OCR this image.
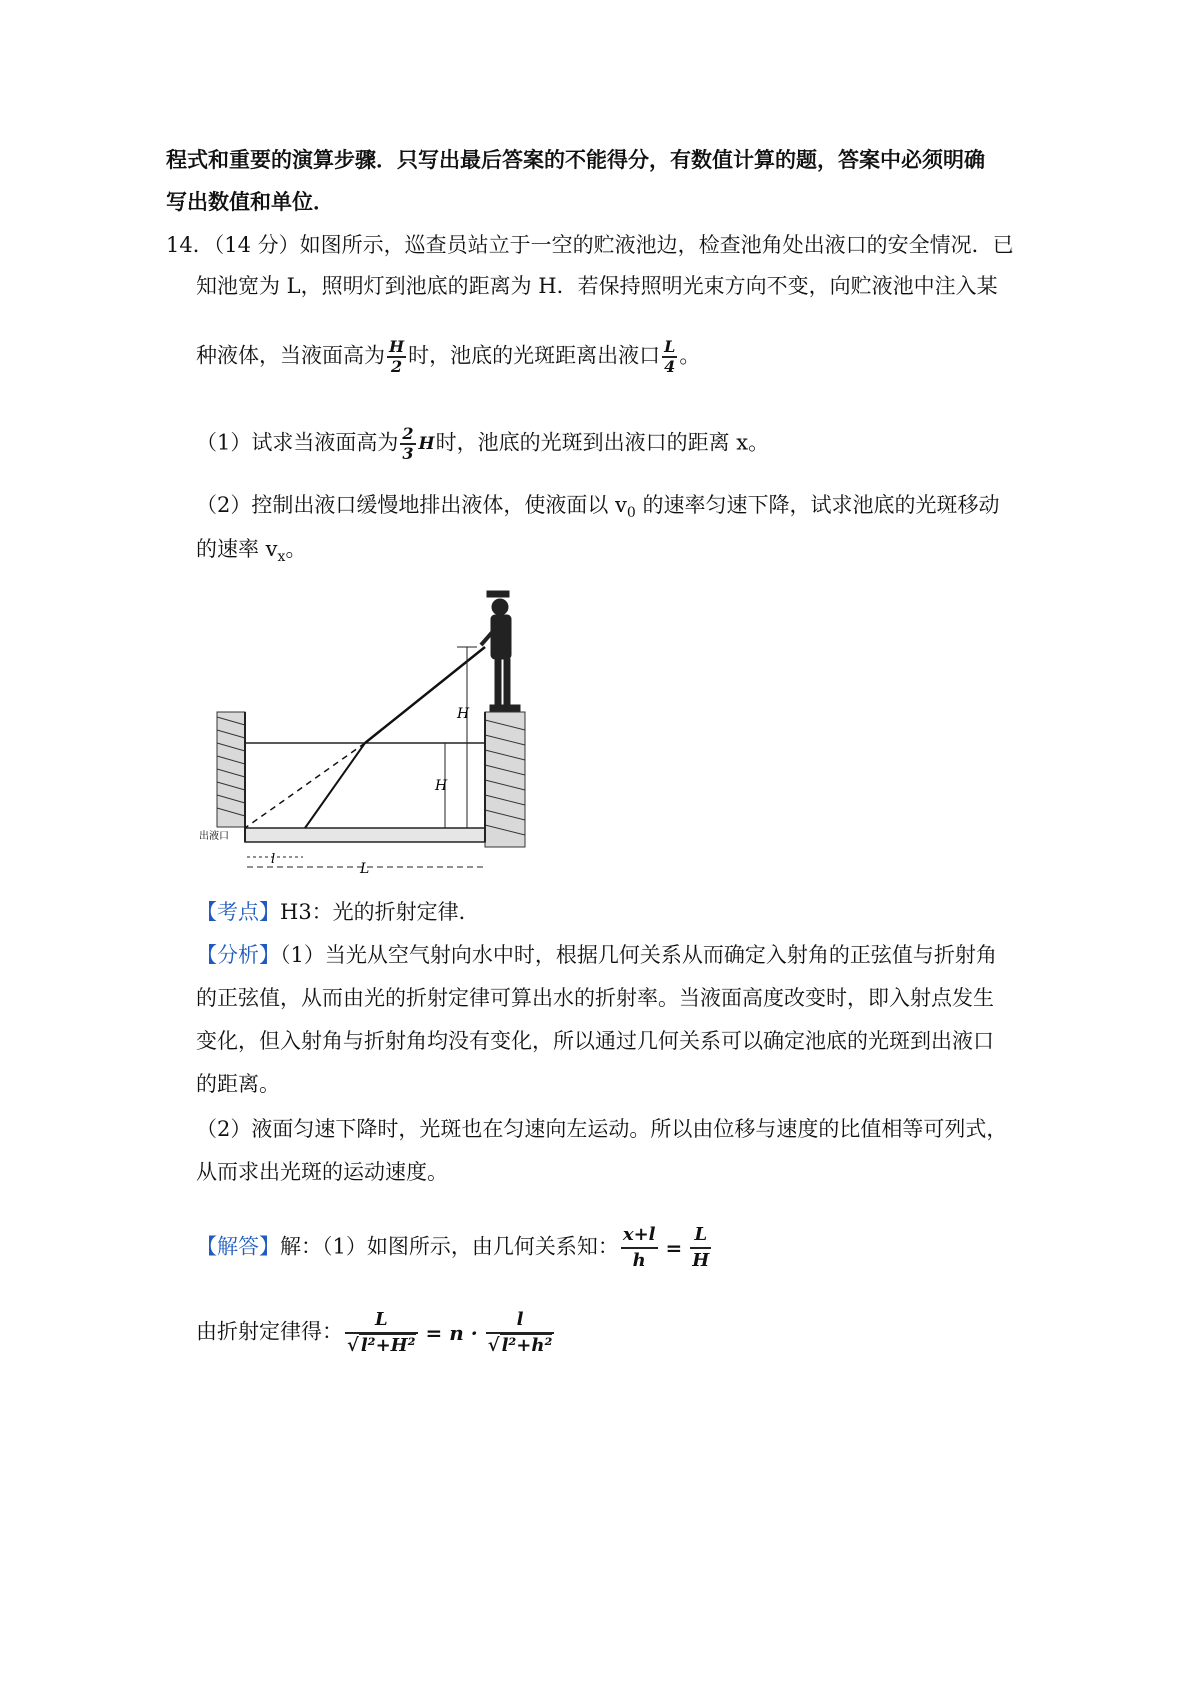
程式和重要的演算步骤．只写出最后答案的不能得分，有数值计算的题，答案中必须明确
写出数值和单位．
14．（14 分）如图所示，巡查员站立于一空的贮液池边，检查池角处出液口的安全情况．已
知池宽为 L，照明灯到池底的距离为 H．若保持照明光束方向不变，向贮液池中注入某
种液体，当液面高为 $\frac{H}{2}$ 时，池底的光斑距离出液口 $\frac{L}{4}$ 。
（1）试求当液面高为 $\frac{2}{3}$ H时，池底的光斑到出液口的距离 x。
（2）控制出液口缓慢地排出液体，使液面以 $v_0$ 的速率匀速下降，试求池底的光斑移动
的速率 $v_x$。
H
H
l
L
出液口
【考点】H3：光的折射定律．
【分析】（1）当光从空气射向水中时，根据几何关系从而确定入射角的正弦值与折射角
的正弦值，从而由光的折射定律可算出水的折射率。当液面高度改变时，即入射点发生
变化，但入射角与折射角均没有变化，所以通过几何关系可以确定池底的光斑到出液口
的距离。
（2）液面匀速下降时，光斑也在匀速向左运动。所以由位移与速度的比值相等可列式，
从而求出光斑的运动速度。
【解答】解：（1）如图所示，由几何关系知： $\frac{x+l}{h} = \frac{L}{H}$
由折射定律得： $\frac{L}{\text{√ l²+H²}} = n \cdot \frac{l}{\text{√ l²+h²}}$
